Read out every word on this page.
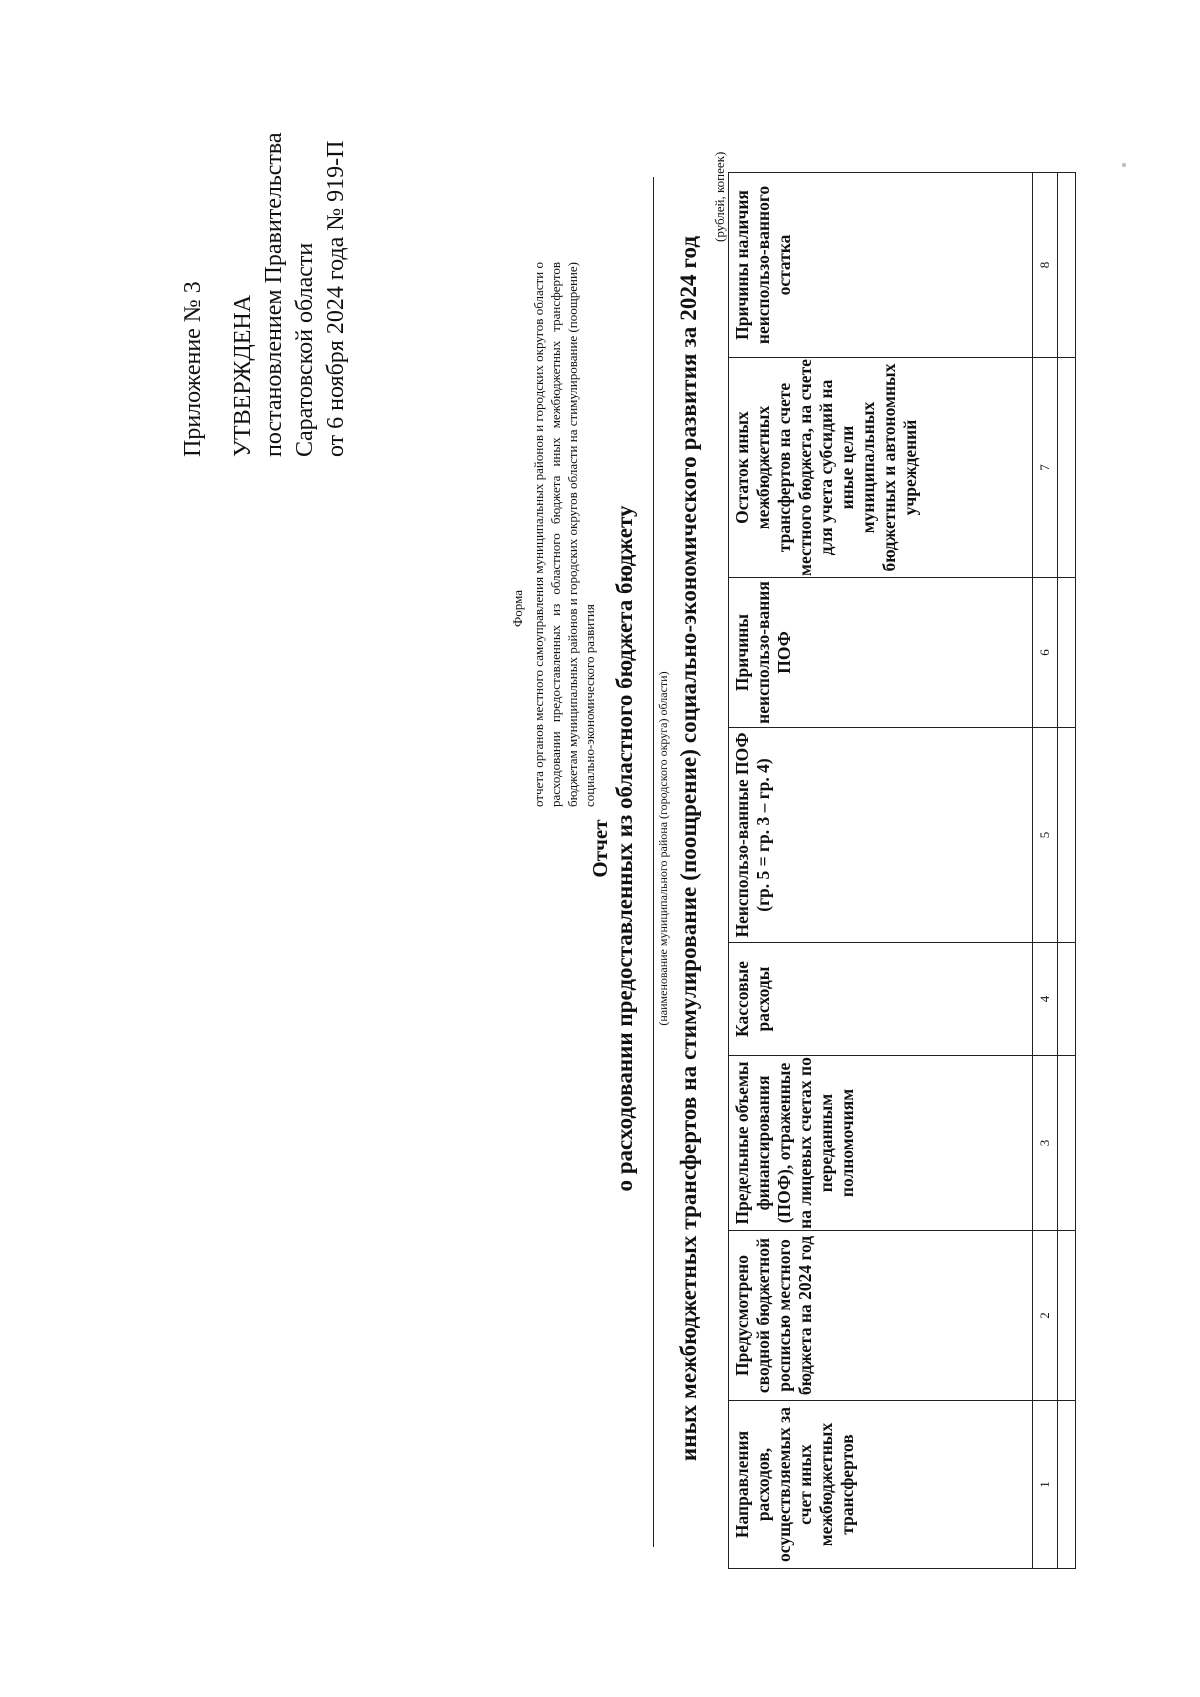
Приложение № 3 УТВЕРЖДЕНА постановлением Правительства Саратовской области от 6 ноября 2024 года № 919-П
Форма отчета органов местного самоуправления муниципальных районов и городских округов области о расходовании предоставленных из областного бюджета иных межбюджетных трансфертов бюджетам муниципальных районов и городских округов области на стимулирование (поощрение) социально-экономического развития
Отчет о расходовании предоставленных из областного бюджета бюджету (наименование муниципального района (городского округа) области) иных межбюджетных трансфертов на стимулирование (поощрение) социально-экономического развития за 2024 год
(рублей, копеек)
Направления расходов, осуществляемых за счет иных межбюджетных трансфертов	Предусмотрено сводной бюджетной росписью местного бюджета на 2024 год	Предельные объемы финансирования (ПОФ), отраженные на лицевых счетах по переданным полномочиям	Кассовые расходы	Неиспользо-ванные ПОФ (гр. 5 = гр. 3 – гр. 4)	Причины неиспользо-вания ПОФ	Остаток иных межбюджетных трансфертов на счете местного бюджета, на счете для учета субсидий на иные цели муниципальных бюджетных и автономных учреждений	Причины наличия неиспользо-ванного остатка
1	2	3	4	5	6	7	8
